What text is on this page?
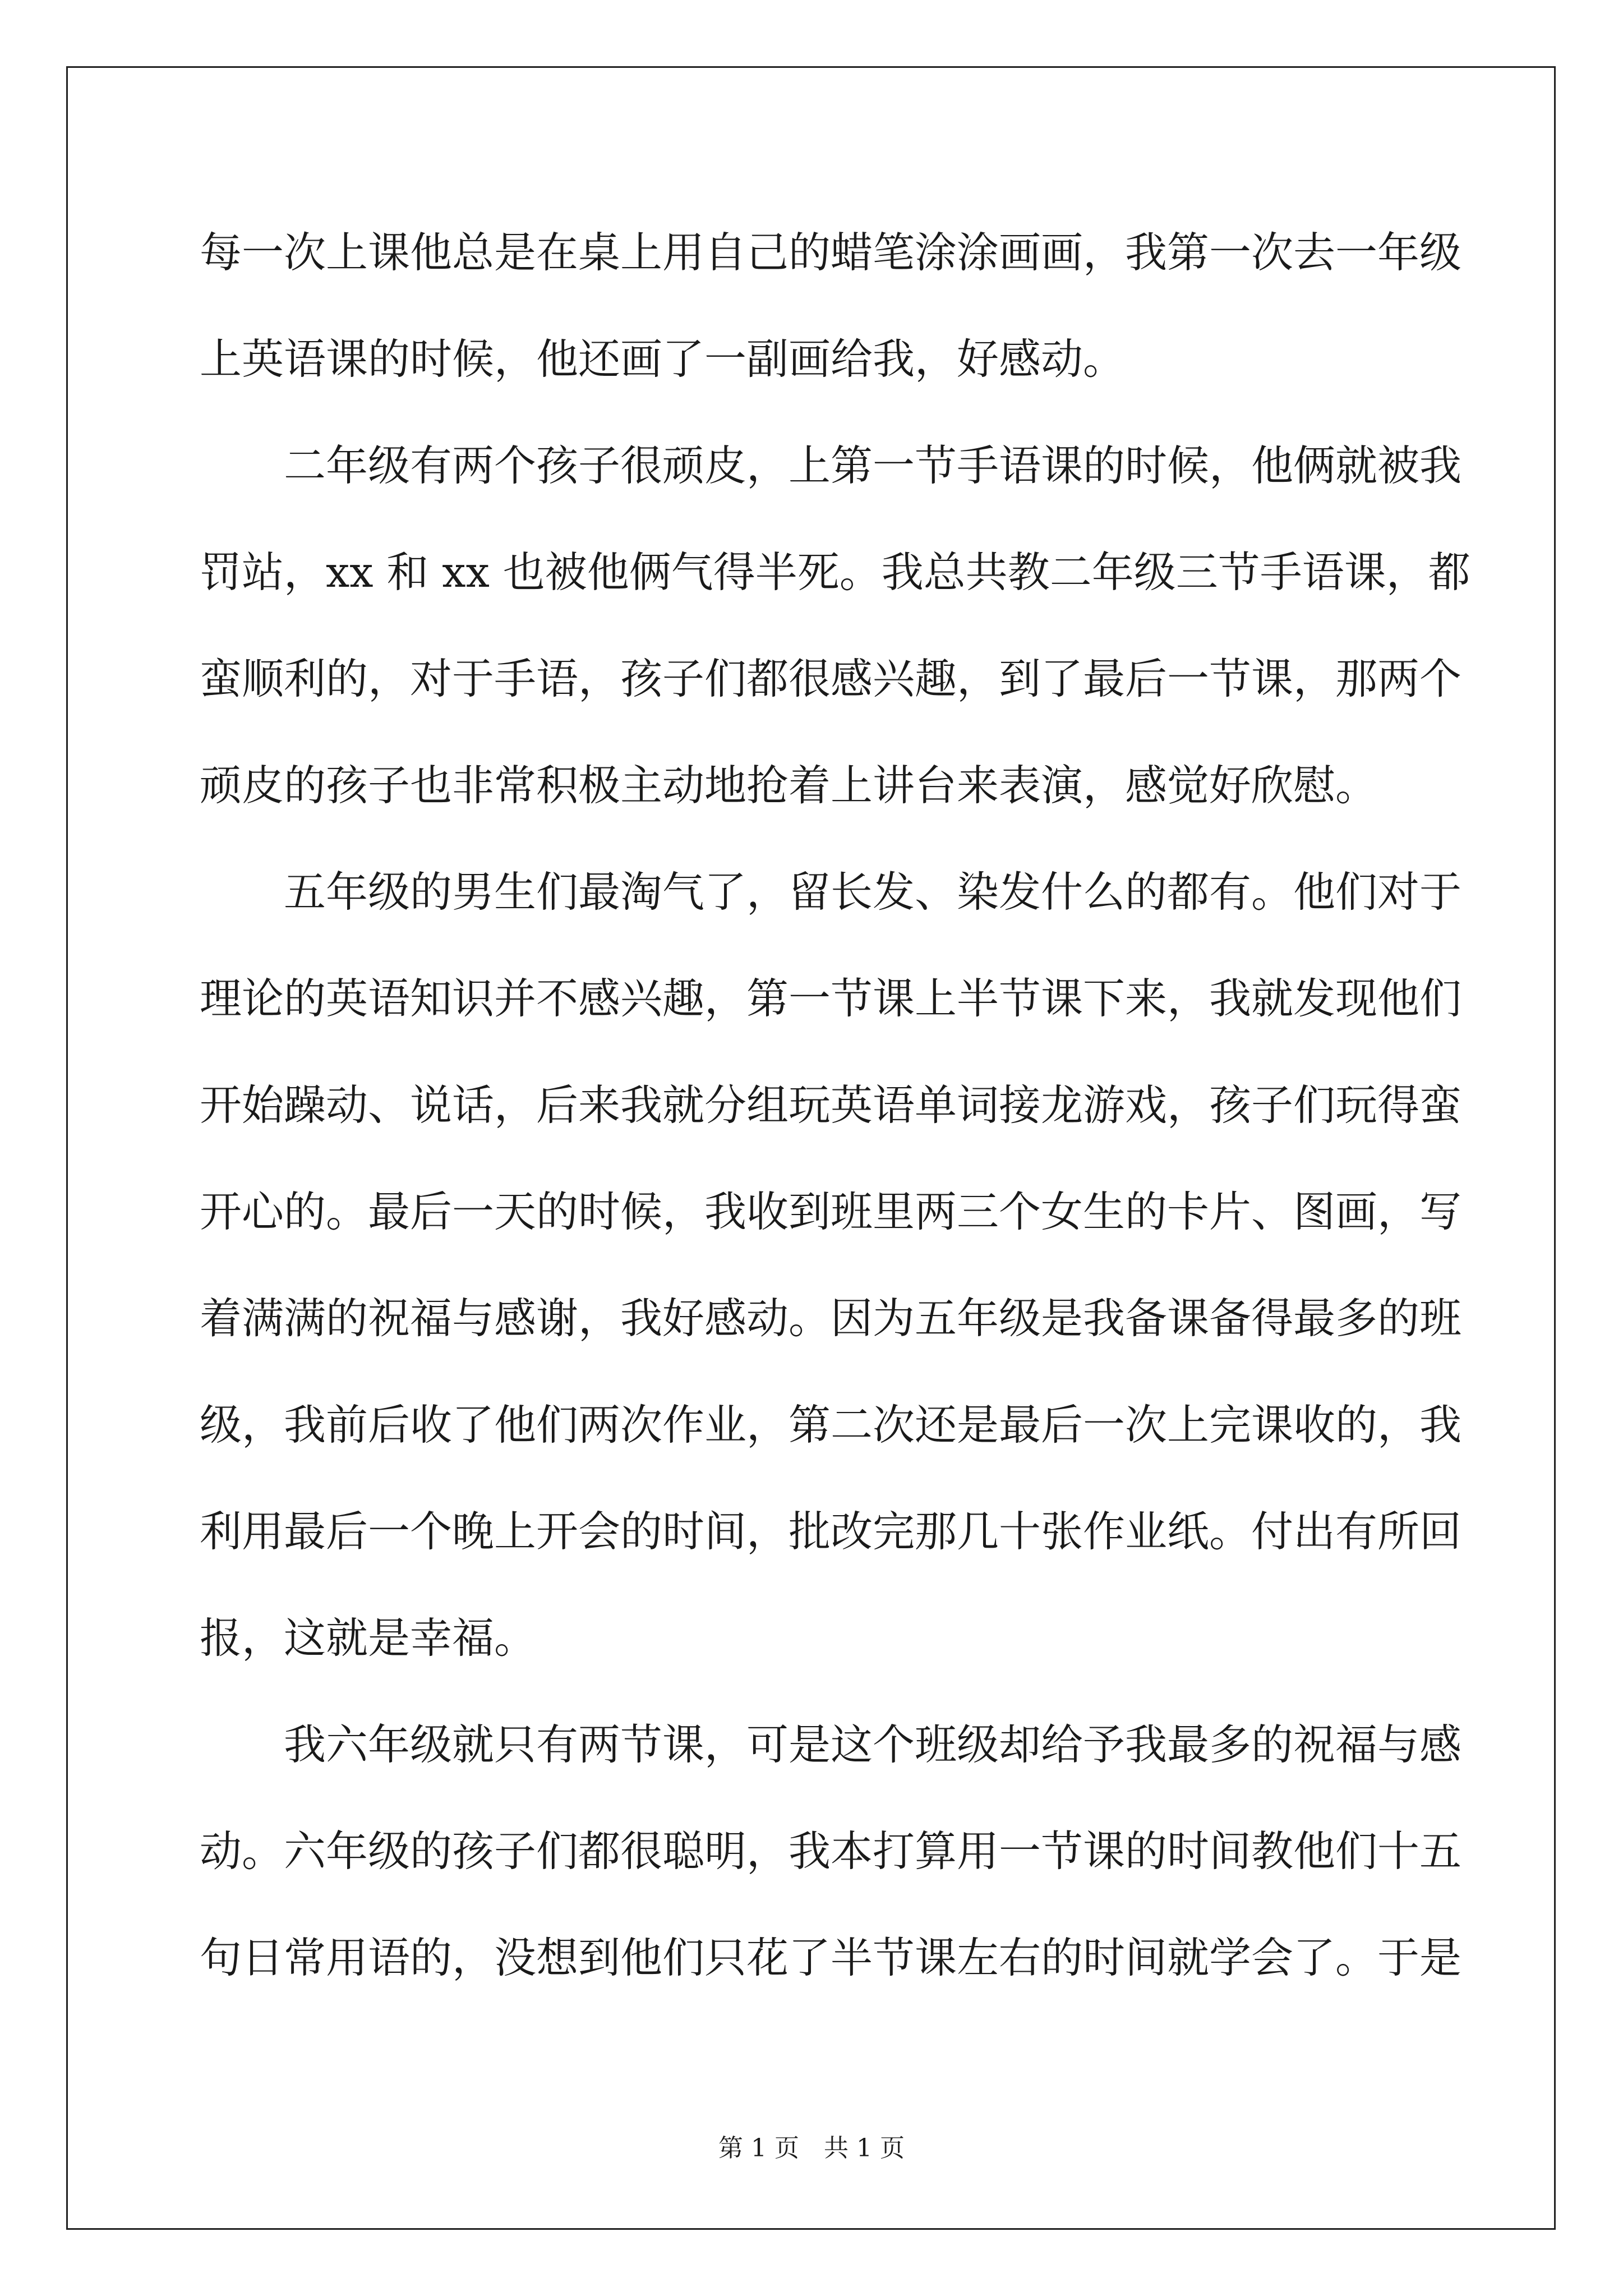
每一次上课他总是在桌上用自己的蜡笔涂涂画画，我第一次去一年级
上英语课的时候，他还画了一副画给我，好感动。
　　二年级有两个孩子很顽皮，上第一节手语课的时候，他俩就被我
罚站，xx 和 xx 也被他俩气得半死。我总共教二年级三节手语课，都
蛮顺利的，对于手语，孩子们都很感兴趣，到了最后一节课，那两个
顽皮的孩子也非常积极主动地抢着上讲台来表演，感觉好欣慰。
　　五年级的男生们最淘气了，留长发、染发什么的都有。他们对于
理论的英语知识并不感兴趣，第一节课上半节课下来，我就发现他们
开始躁动、说话，后来我就分组玩英语单词接龙游戏，孩子们玩得蛮
开心的。最后一天的时候，我收到班里两三个女生的卡片、图画，写
着满满的祝福与感谢，我好感动。因为五年级是我备课备得最多的班
级，我前后收了他们两次作业，第二次还是最后一次上完课收的，我
利用最后一个晚上开会的时间，批改完那几十张作业纸。付出有所回
报，这就是幸福。
　　我六年级就只有两节课，可是这个班级却给予我最多的祝福与感
动。六年级的孩子们都很聪明，我本打算用一节课的时间教他们十五
句日常用语的，没想到他们只花了半节课左右的时间就学会了。于是
第 1 页　共 1 页
